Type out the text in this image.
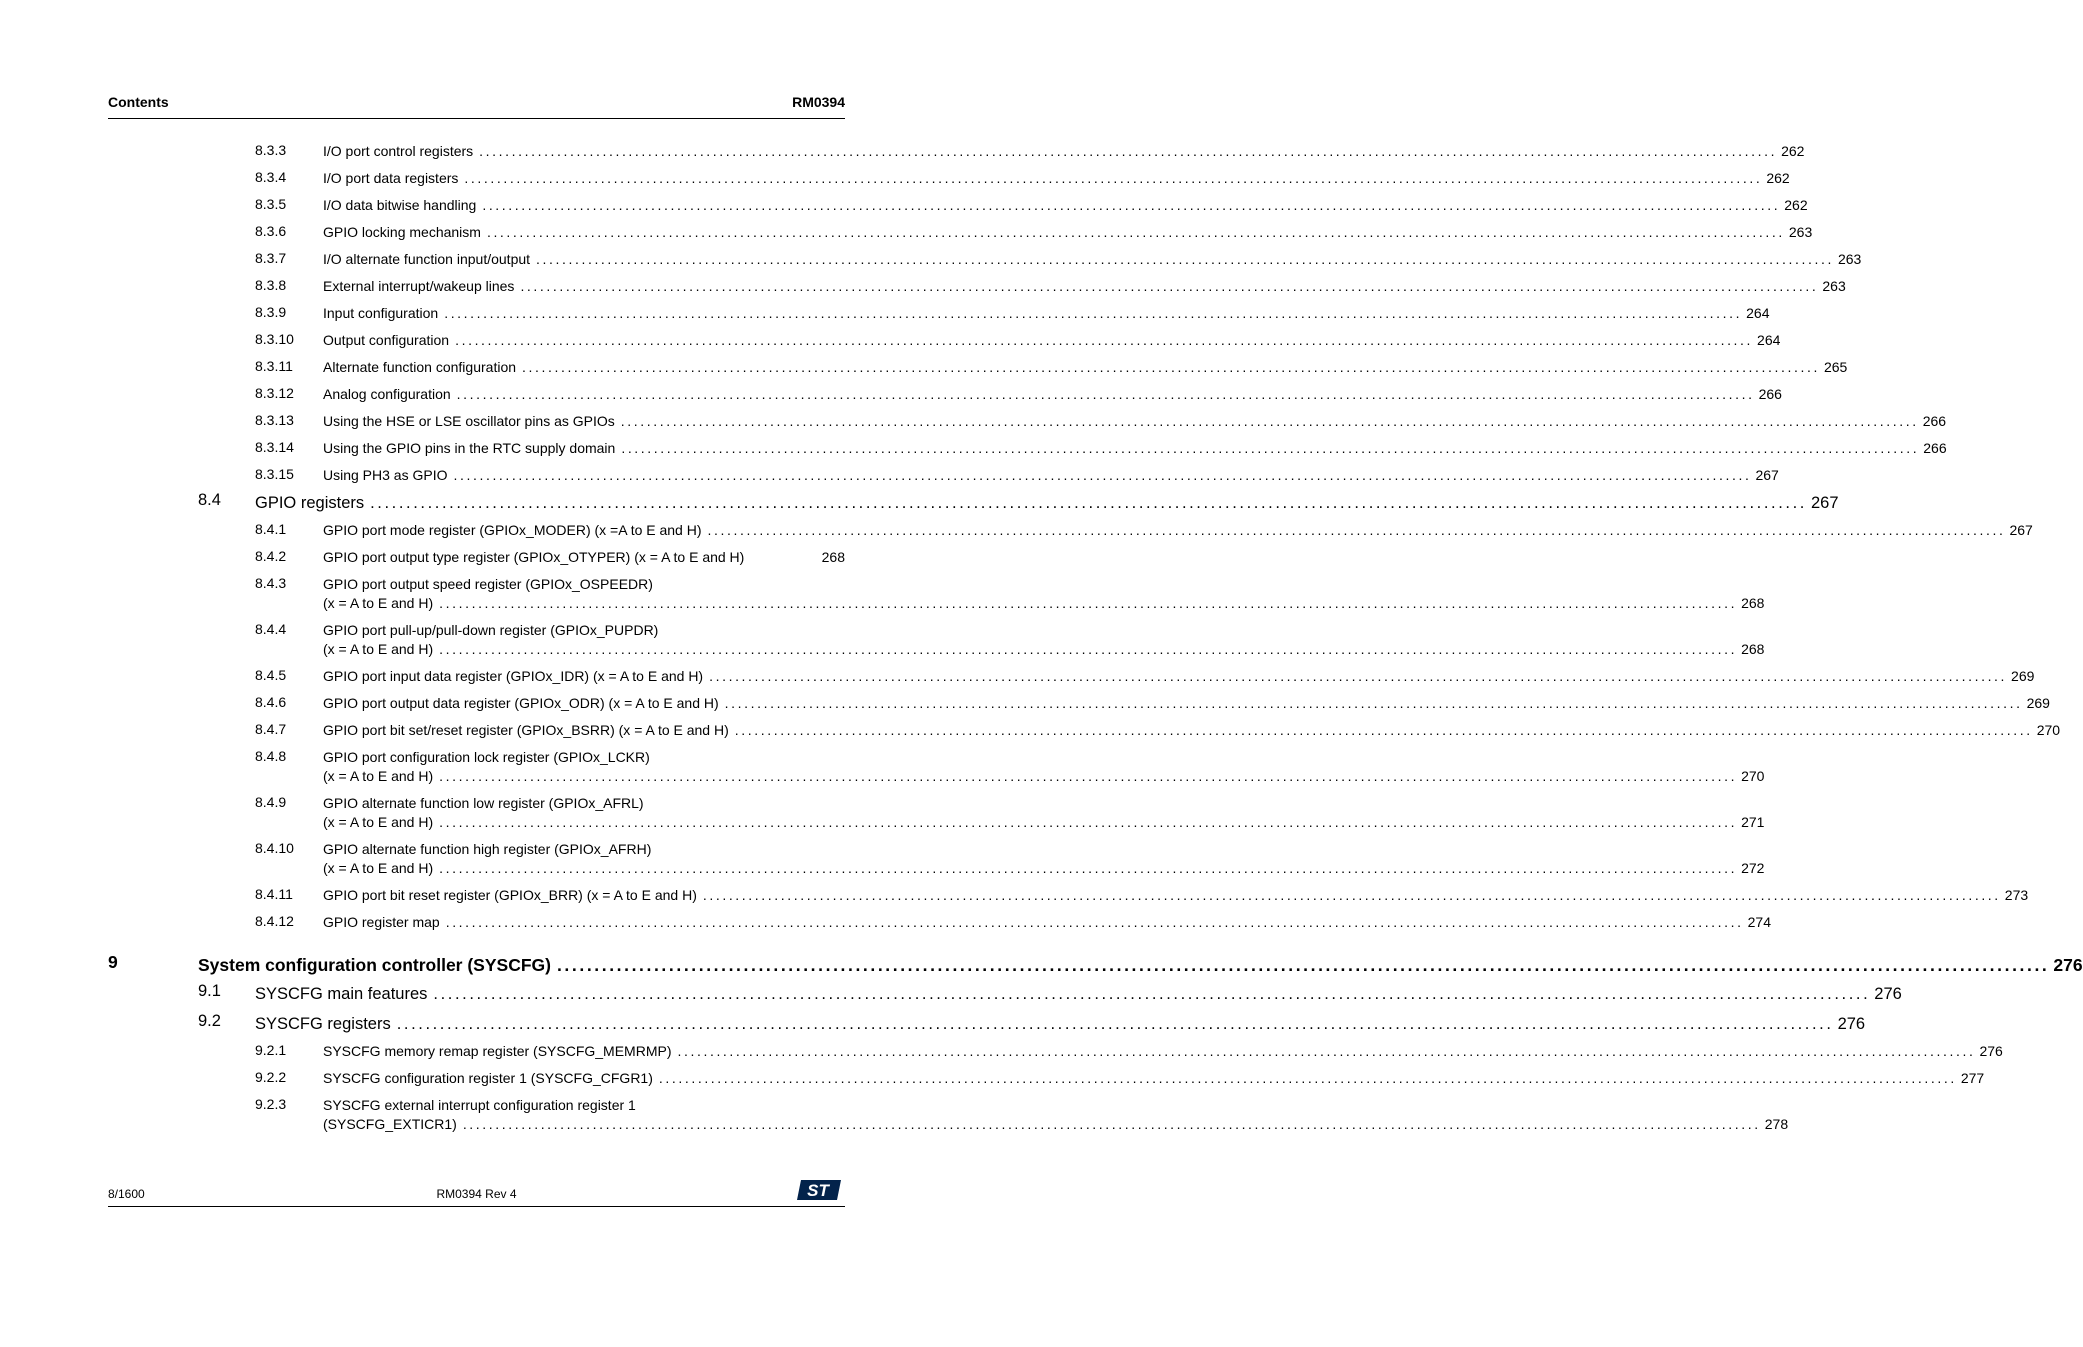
Contents	RM0394
8.3.3	I/O port control registers ........................................................................................................................................................................................................ 262
8.3.4	I/O port data registers ........................................................................................................................................................................................................ 262
8.3.5	I/O data bitwise handling ........................................................................................................................................................................................................ 262
8.3.6	GPIO locking mechanism ........................................................................................................................................................................................................ 263
8.3.7	I/O alternate function input/output ........................................................................................................................................................................................................ 263
8.3.8	External interrupt/wakeup lines ........................................................................................................................................................................................................ 263
8.3.9	Input configuration ........................................................................................................................................................................................................ 264
8.3.10 Output configuration ........................................................................................................................................................................................................ 264
8.3.11 Alternate function configuration ........................................................................................................................................................................................................ 265
8.3.12 Analog configuration ........................................................................................................................................................................................................ 266
8.3.13 Using the HSE or LSE oscillator pins as GPIOs ........................................................................................................................................................................................................ 266
8.3.14 Using the GPIO pins in the RTC supply domain ........................................................................................................................................................................................................ 266
8.3.15 Using PH3 as GPIO ........................................................................................................................................................................................................ 267
8.4 GPIO registers ........................................................................................................................................................................................................ 267
8.4.1	GPIO port mode register (GPIOx_MODER) (x =A to E and H) ........................................................................................................................................................................................................ 267
8.4.2	GPIO port output type register (GPIOx_OTYPER) (x = A to E and H)	268
8.4.3	GPIO port output speed register (GPIOx_OSPEEDR)
(x = A to E and H) ........................................................................................................................................................................................................ 268
8.4.4	GPIO port pull-up/pull-down register (GPIOx_PUPDR)
(x = A to E and H) ........................................................................................................................................................................................................ 268
8.4.5	GPIO port input data register (GPIOx_IDR) (x = A to E and H) ........................................................................................................................................................................................................ 269
8.4.6	GPIO port output data register (GPIOx_ODR) (x = A to E and H) ........................................................................................................................................................................................................ 269
8.4.7	GPIO port bit set/reset register (GPIOx_BSRR) (x = A to E and H) ........................................................................................................................................................................................................ 270
8.4.8	GPIO port configuration lock register (GPIOx_LCKR)
(x = A to E and H) ........................................................................................................................................................................................................ 270
8.4.9	GPIO alternate function low register (GPIOx_AFRL)
(x = A to E and H) ........................................................................................................................................................................................................ 271
8.4.10 GPIO alternate function high register (GPIOx_AFRH)
(x = A to E and H) ........................................................................................................................................................................................................ 272
8.4.11 GPIO port bit reset register (GPIOx_BRR) (x = A to E and H) ........................................................................................................................................................................................................ 273
8.4.12 GPIO register map ........................................................................................................................................................................................................ 274
9	System configuration controller (SYSCFG) ........................................................................................................................................................................................................ 276
9.1 SYSCFG main features ........................................................................................................................................................................................................ 276
9.2 SYSCFG registers ........................................................................................................................................................................................................ 276
9.2.1	SYSCFG memory remap register (SYSCFG_MEMRMP) ........................................................................................................................................................................................................ 276
9.2.2	SYSCFG configuration register 1 (SYSCFG_CFGR1) ........................................................................................................................................................................................................ 277
9.2.3	SYSCFG external interrupt configuration register 1
(SYSCFG_EXTICR1) ........................................................................................................................................................................................................ 278
8/1600	RM0394 Rev 4	ST
